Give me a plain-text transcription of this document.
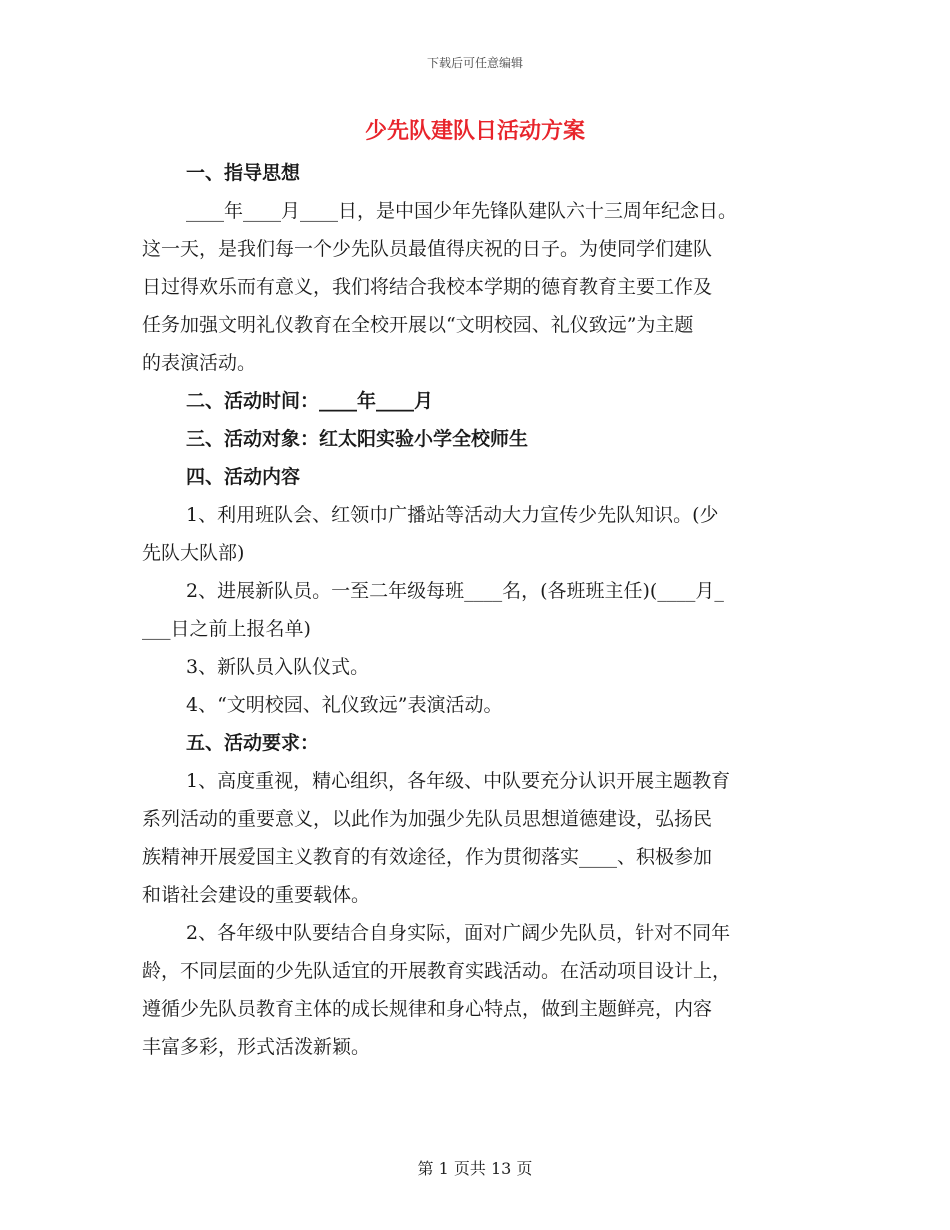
下载后可任意编辑
少先队建队日活动方案
一、指导思想
____年____月____日，是中国少年先锋队建队六十三周年纪念日。
这一天，是我们每一个少先队员最值得庆祝的日子。为使同学们建队
日过得欢乐而有意义，我们将结合我校本学期的德育教育主要工作及
任务加强文明礼仪教育在全校开展以“文明校园、礼仪致远”为主题
的表演活动。
二、活动时间：____年____月
三、活动对象：红太阳实验小学全校师生
四、活动内容
1、利用班队会、红领巾广播站等活动大力宣传少先队知识。(少
先队大队部)
2、进展新队员。一至二年级每班____名，(各班班主任)(____月_
___日之前上报名单)
3、新队员入队仪式。
4、“文明校园、礼仪致远”表演活动。
五、活动要求：
1、高度重视，精心组织，各年级、中队要充分认识开展主题教育
系列活动的重要意义，以此作为加强少先队员思想道德建设，弘扬民
族精神开展爱国主义教育的有效途径，作为贯彻落实____、积极参加
和谐社会建设的重要载体。
2、各年级中队要结合自身实际，面对广阔少先队员，针对不同年
龄，不同层面的少先队适宜的开展教育实践活动。在活动项目设计上，
遵循少先队员教育主体的成长规律和身心特点，做到主题鲜亮，内容
丰富多彩，形式活泼新颖。
第 1 页共 13 页
